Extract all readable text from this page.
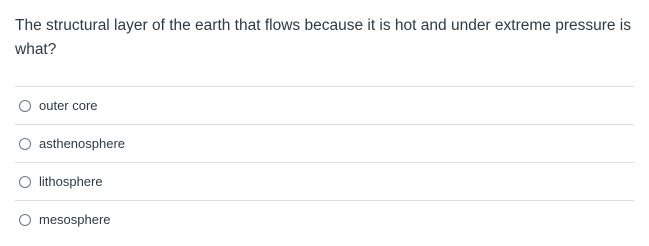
The structural layer of the earth that flows because it is hot and under extreme pressure is what?
outer core
asthenosphere
lithosphere
mesosphere
